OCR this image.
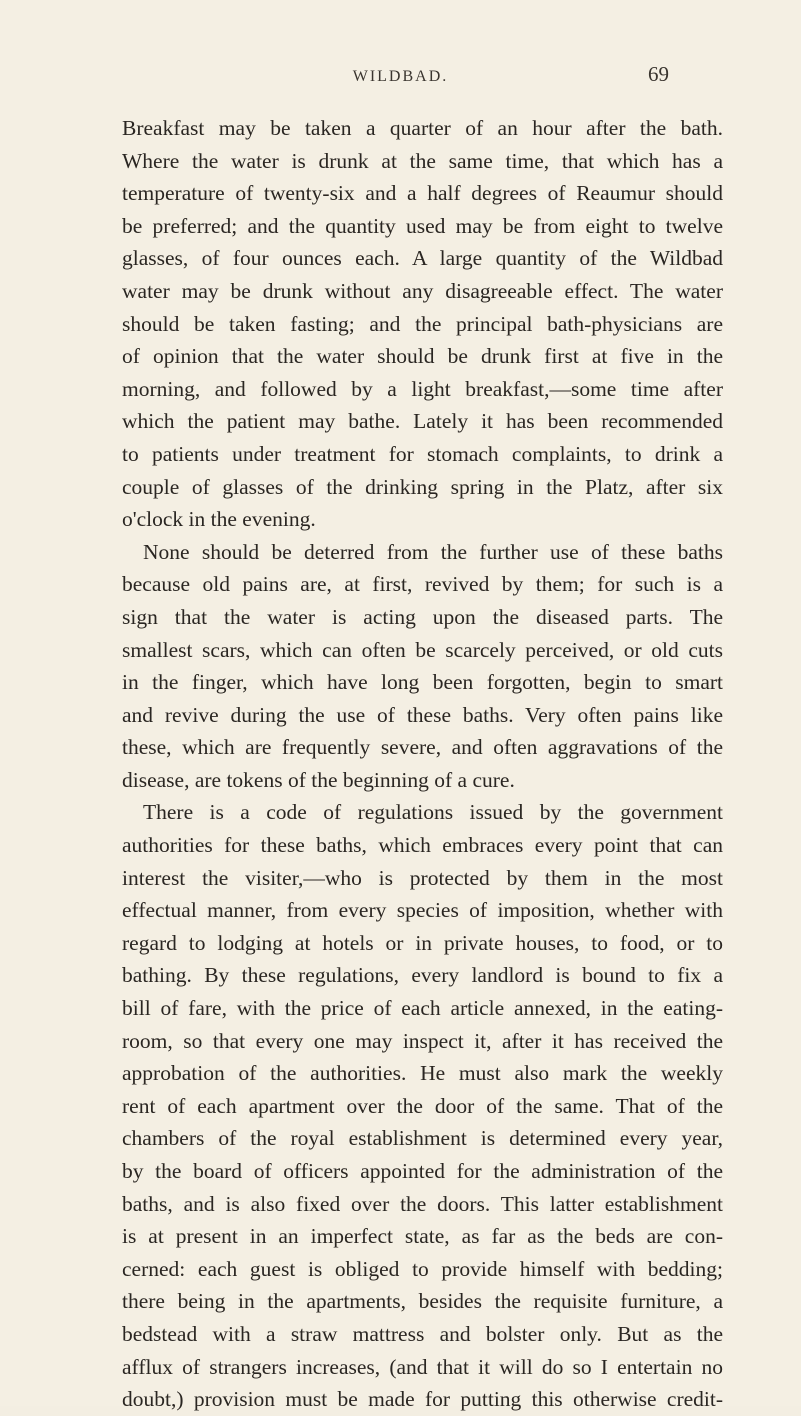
WILDBAD.	69
Breakfast may be taken a quarter of an hour after the bath.
Where the water is drunk at the same time, that which has a
temperature of twenty-six and a half degrees of Reaumur should
be preferred; and the quantity used may be from eight to twelve
glasses, of four ounces each. A large quantity of the Wildbad
water may be drunk without any disagreeable effect. The water
should be taken fasting; and the principal bath-physicians are
of opinion that the water should be drunk first at five in the
morning, and followed by a light breakfast,—some time after
which the patient may bathe. Lately it has been recommended
to patients under treatment for stomach complaints, to drink a
couple of glasses of the drinking spring in the Platz, after six
o'clock in the evening.
None should be deterred from the further use of these baths
because old pains are, at first, revived by them; for such is a
sign that the water is acting upon the diseased parts. The
smallest scars, which can often be scarcely perceived, or old cuts
in the finger, which have long been forgotten, begin to smart
and revive during the use of these baths. Very often pains like
these, which are frequently severe, and often aggravations of the
disease, are tokens of the beginning of a cure.
There is a code of regulations issued by the government
authorities for these baths, which embraces every point that can
interest the visiter,—who is protected by them in the most
effectual manner, from every species of imposition, whether with
regard to lodging at hotels or in private houses, to food, or to
bathing. By these regulations, every landlord is bound to fix a
bill of fare, with the price of each article annexed, in the eating-
room, so that every one may inspect it, after it has received the
approbation of the authorities. He must also mark the weekly
rent of each apartment over the door of the same. That of the
chambers of the royal establishment is determined every year,
by the board of officers appointed for the administration of the
baths, and is also fixed over the doors. This latter establishment
is at present in an imperfect state, as far as the beds are con-
cerned: each guest is obliged to provide himself with bedding;
there being in the apartments, besides the requisite furniture, a
bedstead with a straw mattress and bolster only. But as the
afflux of strangers increases, (and that it will do so I entertain no
doubt,) provision must be made for putting this otherwise credit-
